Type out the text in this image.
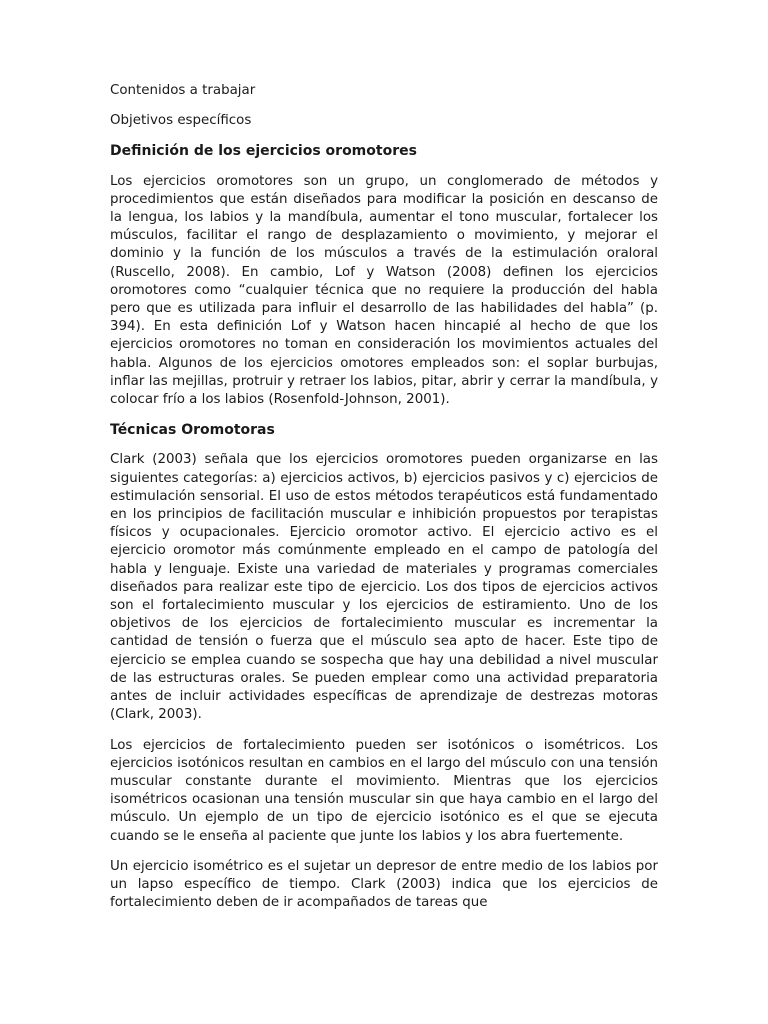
Contenidos a trabajar

Objetivos específicos

Definición de los ejercicios oromotores

Los ejercicios oromotores son un grupo, un conglomerado de métodos y procedimientos que están diseñados para modificar la posición en descanso de la lengua, los labios y la mandíbula, aumentar el tono muscular, fortalecer los músculos, facilitar el rango de desplazamiento o movimiento, y mejorar el dominio y la función de los músculos a través de la estimulación oraloral (Ruscello, 2008). En cambio, Lof y Watson (2008) definen los ejercicios oromotores como “cualquier técnica que no requiere la producción del habla pero que es utilizada para influir el desarrollo de las habilidades del habla” (p. 394). En esta definición Lof y Watson hacen hincapié al hecho de que los ejercicios oromotores no toman en consideración los movimientos actuales del habla. Algunos de los ejercicios omotores empleados son: el soplar burbujas, inflar las mejillas, protruir y retraer los labios, pitar, abrir y cerrar la mandíbula, y colocar frío a los labios (Rosenfold-Johnson, 2001).

Técnicas Oromotoras

Clark (2003) señala que los ejercicios oromotores pueden organizarse en las siguientes categorías: a) ejercicios activos, b) ejercicios pasivos y c) ejercicios de estimulación sensorial. El uso de estos métodos terapéuticos está fundamentado en los principios de facilitación muscular e inhibición propuestos por terapistas físicos y ocupacionales. Ejercicio oromotor activo. El ejercicio activo es el ejercicio oromotor más comúnmente empleado en el campo de patología del habla y lenguaje. Existe una variedad de materiales y programas comerciales diseñados para realizar este tipo de ejercicio. Los dos tipos de ejercicios activos son el fortalecimiento muscular y los ejercicios de estiramiento. Uno de los objetivos de los ejercicios de fortalecimiento muscular es incrementar la cantidad de tensión o fuerza que el músculo sea apto de hacer. Este tipo de ejercicio se emplea cuando se sospecha que hay una debilidad a nivel muscular de las estructuras orales. Se pueden emplear como una actividad preparatoria antes de incluir actividades específicas de aprendizaje de destrezas motoras (Clark, 2003).

Los ejercicios de fortalecimiento pueden ser isotónicos o isométricos. Los ejercicios isotónicos resultan en cambios en el largo del músculo con una tensión muscular constante durante el movimiento. Mientras que los ejercicios isométricos ocasionan una tensión muscular sin que haya cambio en el largo del músculo. Un ejemplo de un tipo de ejercicio isotónico es el que se ejecuta cuando se le enseña al paciente que junte los labios y los abra fuertemente.

Un ejercicio isométrico es el sujetar un depresor de entre medio de los labios por un lapso específico de tiempo. Clark (2003) indica que los ejercicios de fortalecimiento deben de ir acompañados de tareas que
